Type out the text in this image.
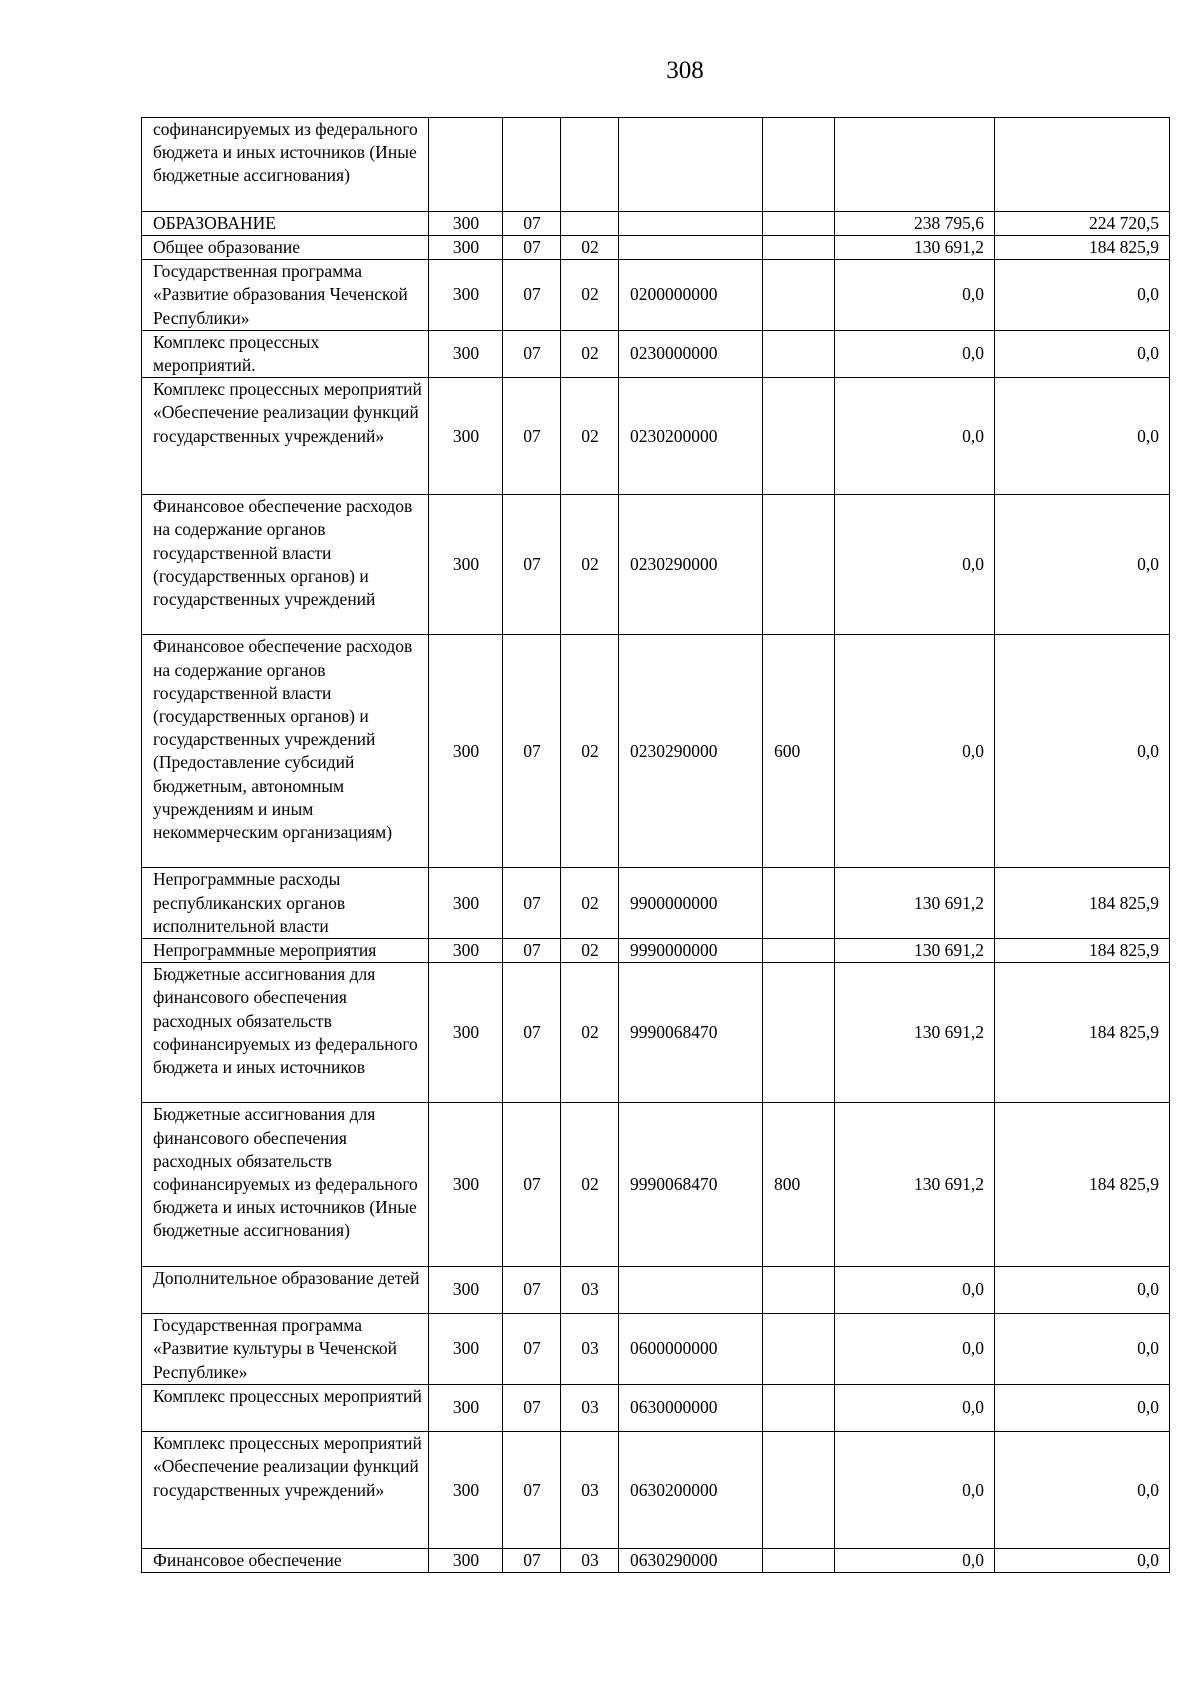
308
софинансируемых из федерального бюджета и иных источников (Иные бюджетные ассигнования)							
ОБРАЗОВАНИЕ	300	07				238 795,6	224 720,5
Общее образование	300	07	02			130 691,2	184 825,9
Государственная программа «Развитие образования Чеченской Республики»	300	07	02	0200000000		0,0	0,0
Комплекс процессных мероприятий.	300	07	02	0230000000		0,0	0,0
Комплекс процессных мероприятий «Обеспечение реализации функций государственных учреждений»	300	07	02	0230200000		0,0	0,0
Финансовое обеспечение расходов на содержание органов государственной власти (государственных органов) и государственных учреждений	300	07	02	0230290000		0,0	0,0
Финансовое обеспечение расходов на содержание органов государственной власти (государственных органов) и государственных учреждений (Предоставление субсидий бюджетным, автономным учреждениям и иным некоммерческим организациям)	300	07	02	0230290000	600	0,0	0,0
Непрограммные расходы республиканских органов исполнительной власти	300	07	02	9900000000		130 691,2	184 825,9
Непрограммные мероприятия	300	07	02	9990000000		130 691,2	184 825,9
Бюджетные ассигнования для финансового обеспечения расходных обязательств софинансируемых из федерального бюджета и иных источников	300	07	02	9990068470		130 691,2	184 825,9
Бюджетные ассигнования для финансового обеспечения расходных обязательств софинансируемых из федерального бюджета и иных источников (Иные бюджетные ассигнования)	300	07	02	9990068470	800	130 691,2	184 825,9
Дополнительное образование детей	300	07	03			0,0	0,0
Государственная программа «Развитие культуры в Чеченской Республике»	300	07	03	0600000000		0,0	0,0
Комплекс процессных мероприятий	300	07	03	0630000000		0,0	0,0
Комплекс процессных мероприятий «Обеспечение реализации функций государственных учреждений»	300	07	03	0630200000		0,0	0,0
Финансовое обеспечение	300	07	03	0630290000		0,0	0,0
